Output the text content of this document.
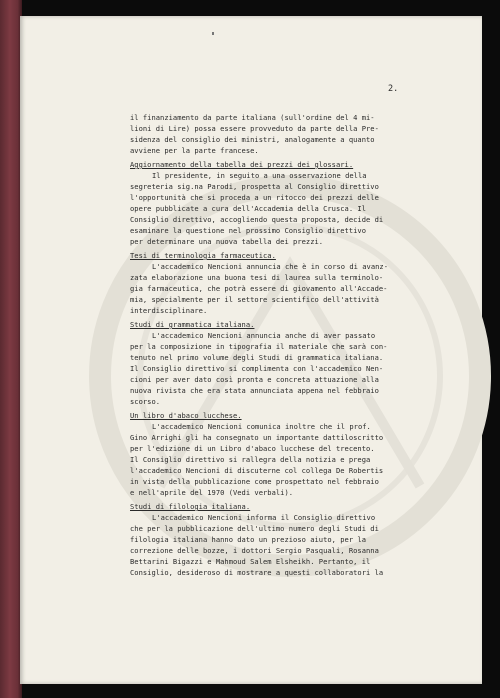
2.
il finanziamento da parte italiana (sull'ordine del 4 mi-
lioni di Lire) possa essere provveduto da parte della Pre-
sidenza del consiglio dei ministri, analogamente a quanto
avviene per la parte francese.
Aggiornamento della tabella dei prezzi dei glossari.
Il presidente, in seguito a una osservazione della
segreteria sig.na Parodi, prospetta al Consiglio direttivo
l'opportunità che si proceda a un ritocco dei prezzi delle
opere pubblicate a cura dell'Accademia della Crusca. Il
Consiglio direttivo, accogliendo questa proposta, decide di
esaminare la questione nel prossimo Consiglio direttivo
per determinare una nuova tabella dei prezzi.
Tesi di terminologia farmaceutica.
L'accademico Nencioni annuncia che è in corso di avanz-
zata elaborazione una buona tesi di laurea sulla terminolo-
gia farmaceutica, che potrà essere di giovamento all'Accade-
mia, specialmente per il settore scientifico dell'attività
interdisciplinare.
Studi di grammatica italiana.
L'accademico Nencioni annuncia anche di aver passato
per la composizione in tipografia il materiale che sarà con-
tenuto nel primo volume degli Studi di grammatica italiana.
Il Consiglio direttivo si complimenta con l'accademico Nen-
cioni per aver dato così pronta e concreta attuazione alla
nuova rivista che era stata annunciata appena nel febbraio
scorso.
Un libro d'abaco lucchese.
L'accademico Nencioni comunica inoltre che il prof.
Gino Arrighi gli ha consegnato un importante dattiloscritto
per l'edizione di un Libro d'abaco lucchese del trecento.
Il Consiglio direttivo si rallegra della notizia e prega
l'accademico Nencioni di discuterne col collega De Robertis
in vista della pubblicazione come prospettato nel febbraio
e nell'aprile del 1970 (Vedi verbali).
Studi di filologia italiana.
L'accademico Nencioni informa il Consiglio direttivo
che per la pubblicazione dell'ultimo numero degli Studi di
filologia italiana hanno dato un prezioso aiuto, per la
correzione delle bozze, i dottori Sergio Pasquali, Rosanna
Bettarini Bigazzi e Mahmoud Salem Elsheikh. Pertanto, il
Consiglio, desideroso di mostrare a questi collaboratori la
